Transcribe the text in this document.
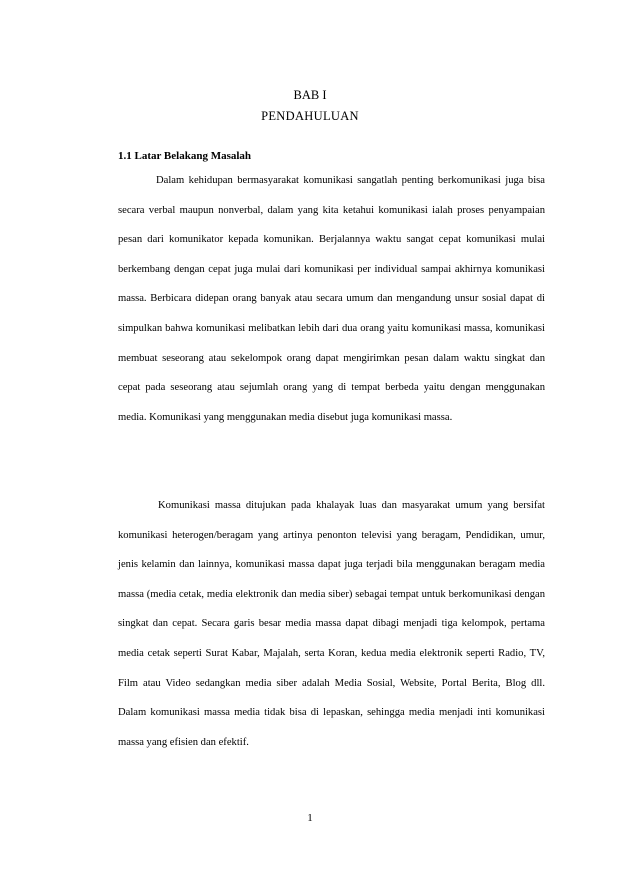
BAB I
PENDAHULUAN
1.1 Latar Belakang Masalah

Dalam kehidupan bermasyarakat komunikasi sangatlah penting berkomunikasi juga bisa secara verbal maupun nonverbal, dalam yang kita ketahui komunikasi ialah proses penyampaian pesan dari komunikator kepada komunikan. Berjalannya waktu sangat cepat komunikasi mulai berkembang dengan cepat juga mulai dari komunikasi per individual sampai akhirnya komunikasi massa. Berbicara didepan orang banyak atau secara umum dan mengandung unsur sosial dapat di simpulkan bahwa komunikasi melibatkan lebih dari dua orang yaitu komunikasi massa, komunikasi membuat seseorang atau sekelompok orang dapat mengirimkan pesan dalam waktu singkat dan cepat pada seseorang atau sejumlah orang yang di tempat berbeda yaitu dengan menggunakan media. Komunikasi yang menggunakan media disebut juga komunikasi massa.

Komunikasi massa ditujukan pada khalayak luas dan masyarakat umum yang bersifat komunikasi heterogen/beragam yang artinya penonton televisi yang beragam, Pendidikan, umur, jenis kelamin dan lainnya, komunikasi massa dapat juga terjadi bila menggunakan beragam media massa (media cetak, media elektronik dan media siber) sebagai tempat untuk berkomunikasi dengan singkat dan cepat. Secara garis besar media massa dapat dibagi menjadi tiga kelompok, pertama media cetak seperti Surat Kabar, Majalah, serta Koran, kedua media elektronik seperti Radio, TV, Film atau Video sedangkan media siber adalah Media Sosial, Website, Portal Berita, Blog dll. Dalam komunikasi massa media tidak bisa di lepaskan, sehingga media menjadi inti komunikasi massa yang efisien dan efektif.

1
